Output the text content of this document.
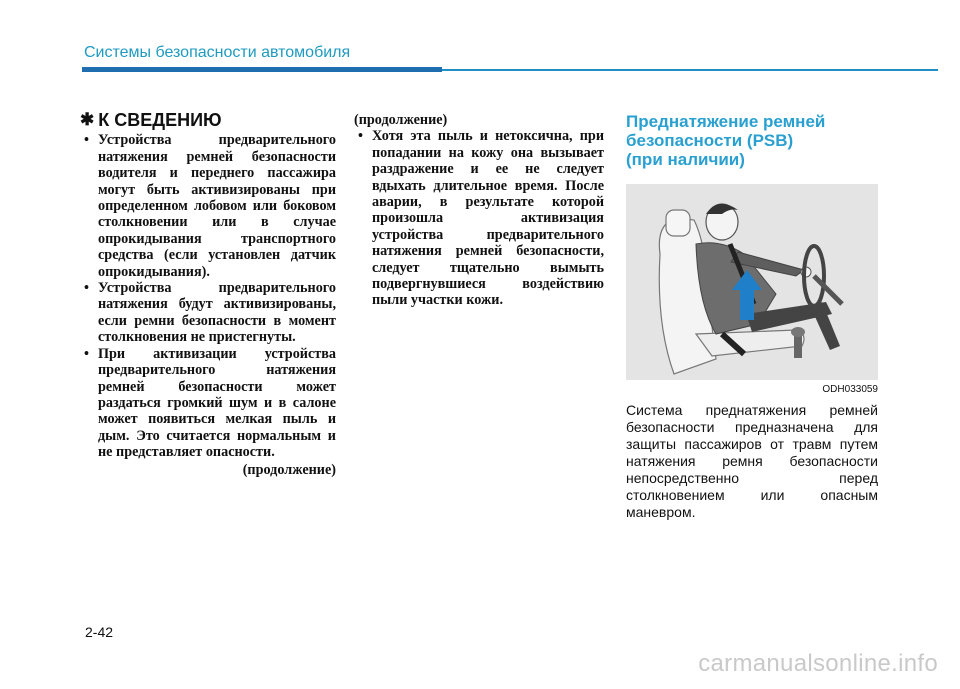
Системы безопасности автомобиля
✱ К СВЕДЕНИЮ
• Устройства предварительного натяжения ремней безопасности водителя и переднего пассажира могут быть активизированы при определенном лобовом или боковом столкновении или в случае опрокидывания транспортного средства (если установлен датчик опрокидывания).
• Устройства предварительного натяжения будут активизированы, если ремни безопасности в момент столкновения не пристегнуты.
• При активизации устройства предварительного натяжения ремней безопасности может раздаться громкий шум и в салоне может появиться мелкая пыль и дым. Это считается нормальным и не представляет опасности.
(продолжение)

(продолжение)

• Хотя эта пыль и нетоксична, при попадании на кожу она вызывает раздражение и ее не следует вдыхать длительное время. После аварии, в результате которой произошла активизация устройства предварительного натяжения ремней безопасности, следует тщательно вымыть подвергнувшиеся воздействию пыли участки кожи.

Преднатяжение ремней

безопасности (PSB)

(при наличии)

ODH033059
Система преднатяжения ремней безопасности предназначена для защиты пассажиров от травм путем натяжения ремня безопасности непосредственно перед столкновением или опасным маневром.
2-42
carmanualsonline.info
